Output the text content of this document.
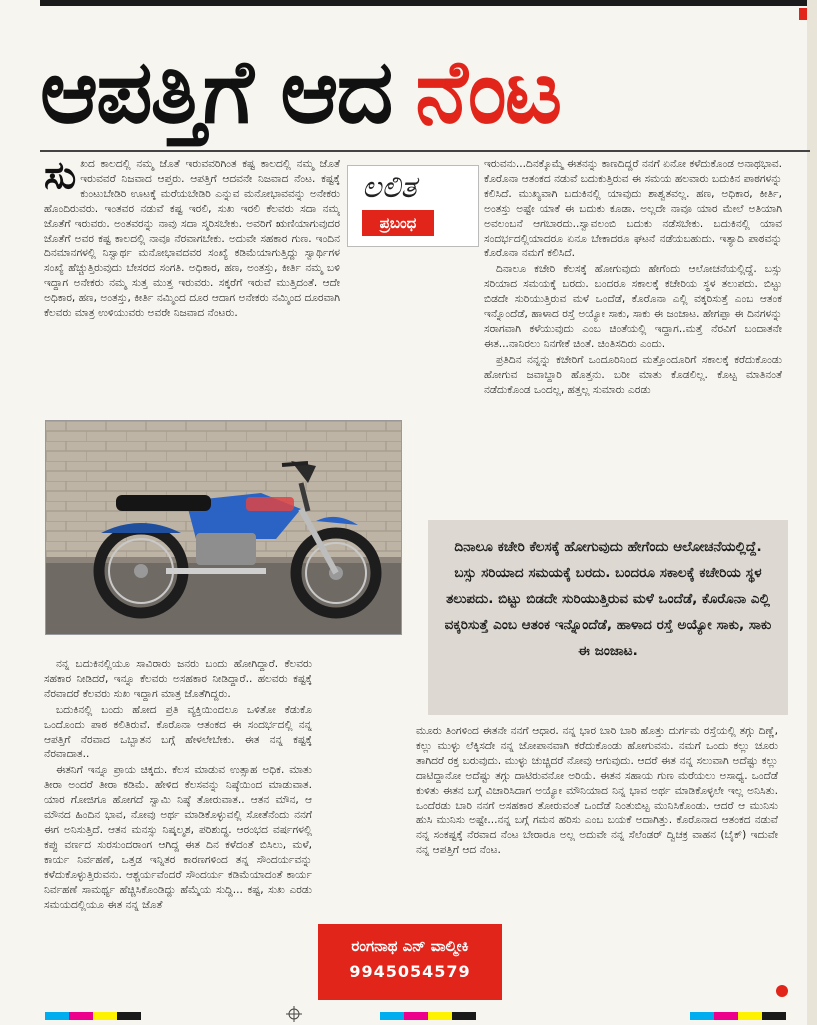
ಆಪತ್ತಿಗೆ ಆದ ನೆಂಟ

ಸುಖದ ಕಾಲದಲ್ಲಿ ನಮ್ಮ ಜೊತೆ ಇರುವವರಿಗಿಂತ ಕಷ್ಟ ಕಾಲದಲ್ಲಿ ನಮ್ಮ ಜೊತೆ ಇರುವವರೆ ನಿಜವಾದ ಆಪ್ತರು. ಆಪತ್ತಿಗೆ ಆದವನೇ ನಿಜವಾದ ನೆಂಟ. ಕಷ್ಟಕ್ಕೆ ಕುಂಟುಬೇಡಿರಿ ಊಟಕ್ಕೆ ಮರೆಯಬೇಡಿರಿ ಎನ್ನುವ ಮನೋಭಾವವನ್ನು ಅನೇಕರು ಹೊಂದಿರುವರು. ಇಂತವರ ನಡುವೆ ಕಷ್ಟ ಇರಲಿ, ಸುಖ ಇರಲಿ ಕೆಲವರು ಸದಾ ನಮ್ಮ ಜೊತೆಗೆ ಇರುವರು. ಅಂತವರನ್ನು ನಾವು ಸದಾ ಸ್ಮರಿಸಬೇಕು. ಅವರಿಗೆ ಋಣಿಯಾಗುವುದರ ಜೊತೆಗೆ ಅವರ ಕಷ್ಟ ಕಾಲದಲ್ಲಿ ನಾವೂ ನೆರವಾಗಬೇಕು. ಅದುವೇ ಸಹಕಾರ ಗುಣ. ಇಂದಿನ ದಿನಮಾನಗಳಲ್ಲಿ ನಿಸ್ವಾರ್ಥ ಮನೋಭಾವದವರ ಸಂಖ್ಯೆ ಕಡಿಮೆಯಾಗುತ್ತಿದ್ದು ಸ್ವಾರ್ಥಿಗಳ ಸಂಖ್ಯೆ ಹೆಚ್ಚುತ್ತಿರುವುದು ಬೇಸರದ ಸಂಗತಿ. ಅಧಿಕಾರ, ಹಣ, ಅಂತಸ್ತು, ಕೀರ್ತಿ ನಮ್ಮ ಬಳಿ ಇದ್ದಾಗ ಅನೇಕರು ನಮ್ಮ ಸುತ್ತ ಮುತ್ತ ಇರುವರು. ಸಕ್ಕರೆಗೆ ಇರುವೆ ಮುತ್ತಿದಂತೆ. ಆದೇ ಅಧಿಕಾರ, ಹಣ, ಅಂತಸ್ತು, ಕೀರ್ತಿ ನಮ್ಮಿಂದ ದೂರ ಆದಾಗ ಅನೇಕರು ನಮ್ಮಿಂದ ದೂರವಾಗಿ ಕೆಲವರು ಮಾತ್ರ ಉಳಿಯುವರು ಅವರೇ ನಿಜವಾದ ನೆಂಟರು.

ಲಲಿತ
ಪ್ರಬಂಧ

ನನ್ನ ಬದುಕಿನಲ್ಲಿಯೂ ಸಾವಿರಾರು ಜನರು ಬಂದು ಹೋಗಿದ್ದಾರೆ. ಕೆಲವರು ಸಹಕಾರ ನೀಡಿದರೆ, ಇನ್ನೂ ಕೆಲವರು ಅಸಹಕಾರ ನೀಡಿದ್ದಾರೆ.. ಹಲವರು ಕಷ್ಟಕ್ಕೆ ನೆರವಾದರೆ ಕೆಲವರು ಸುಖ ಇದ್ದಾಗ ಮಾತ್ರ ಜೊತೆಗಿದ್ದರು.

ಬದುಕಿನಲ್ಲಿ ಬಂದು ಹೋದ ಪ್ರತಿ ವ್ಯಕ್ತಿಯಿಂದಲೂ ಒಳಿತೋ ಕೆಡುಕೊ ಒಂದೊಂದು ಪಾಠ ಕಲಿತಿರುವೆ. ಕೊರೊನಾ ಆತಂಕದ ಈ ಸಂದರ್ಭದಲ್ಲಿ ನನ್ನ ಆಪತ್ತಿಗೆ ನೆರವಾದ ಒಬ್ಬಾತನ ಬಗ್ಗೆ ಹೇಳಲೇಬೇಕು. ಈತ ನನ್ನ ಕಷ್ಟಕ್ಕೆ ನೆರವಾದಾತ..

ಈತನಿಗೆ ಇನ್ನೂ ಪ್ರಾಯ ಚಿಕ್ಕದು. ಕೆಲಸ ಮಾಡುವ ಉತ್ಸಾಹ ಅಧಿಕ. ಮಾತು ತೀರಾ ಅಂದರೆ ತೀರಾ ಕಡಿಮೆ. ಹೇಳಿದ ಕೆಲಸವನ್ನು ನಿಷ್ಠೆಯಿಂದ ಮಾಡುವಾತ. ಯಾರ ಗೋಜಿಗೂ ಹೋಗದೆ ಸ್ವಾಮಿ ನಿಷ್ಠೆ ತೋರುವಾತ.. ಆತನ ಮೌನ, ಆ ಮೌನದ ಹಿಂದಿನ ಭಾವ, ನೋವು ಅರ್ಥ ಮಾಡಿಕೊಳ್ಳುವಲ್ಲಿ ಸೋತೆನೆಂದು ನನಗೆ ಈಗ ಅನಿಸುತ್ತಿದೆ. ಆತನ ಮನಸ್ಸು ನಿಷ್ಕಲ್ಮಶ, ಪರಿಶುದ್ಧ. ಆರಂಭದ ವರ್ಷಗಳಲ್ಲಿ ಕಪ್ಪು ವರ್ಣದ ಸುರಸುಂದರಾಂಗ ಆಗಿದ್ದ ಈತ ದಿನ ಕಳೆದಂತೆ ಬಿಸಿಲು, ಮಳೆ, ಕಾರ್ಯ ನಿರ್ವಹಣೆ, ಒತ್ತಡ ಇನ್ನಿತರ ಕಾರಣಗಳಿಂದ ತನ್ನ ಸೌಂದರ್ಯವನ್ನು ಕಳೆದುಕೊಳ್ಳುತ್ತಿರುವನು. ಆಶ್ಚರ್ಯವೆಂದರೆ ಸೌಂದರ್ಯ ಕಡಿಮೆಯಾದಂತೆ ಕಾರ್ಯ ನಿರ್ವಹಣೆ ಸಾಮರ್ಥ್ಯ ಹೆಚ್ಚಿಸಿಕೊಂಡಿದ್ದು ಹೆಮ್ಮೆಯ ಸುದ್ದಿ... ಕಷ್ಟ, ಸುಖ ಎರಡು ಸಮಯದಲ್ಲಿಯೂ ಈತ ನನ್ನ ಜೊತೆ

ಇರುವನು...ದಿನಕ್ಕೊಮ್ಮೆ ಈತನನ್ನು ಕಾಣದಿದ್ದರೆ ನನಗೆ ಏನೋ ಕಳೆದುಕೊಂಡ ಅನಾಥಭಾವ. ಕೊರೊನಾ ಆತಂಕದ ನಡುವೆ ಬದುಕುತ್ತಿರುವ ಈ ಸಮಯ ಹಲವಾರು ಬದುಕಿನ ಪಾಠಗಳನ್ನು ಕಲಿಸಿದೆ. ಮುಖ್ಯವಾಗಿ ಬದುಕಿನಲ್ಲಿ ಯಾವುದು ಶಾಶ್ವತವಲ್ಲ. ಹಣ, ಅಧಿಕಾರ, ಕೀರ್ತಿ, ಅಂತಸ್ತು ಅಷ್ಟೇ ಯಾಕೆ ಈ ಬದುಕು ಕೂಡಾ. ಅಲ್ಲದೇ ನಾವೂ ಯಾರ ಮೇಲೆ ಅತಿಯಾಗಿ ಅವಲಂಬನೆ ಆಗಬಾರದು..ಸ್ವಾವಲಂಬಿ ಬದುಕು ನಡೆಸಬೇಕು. ಬದುಕಿನಲ್ಲಿ ಯಾವ ಸಂದರ್ಭದಲ್ಲಿಯಾದರೂ ಏನೂ ಬೇಕಾದರೂ ಘಟನೆ ನಡೆಯಬಹುದು. ಇತ್ಯಾದಿ ಪಾಠವನ್ನು ಕೊರೊನಾ ನಮಗೆ ಕಲಿಸಿದೆ.

ದಿನಾಲೂ ಕಚೇರಿ ಕೆಲಸಕ್ಕೆ ಹೋಗುವುದು ಹೇಗೆಂದು ಆಲೋಚನೆಯಲ್ಲಿದ್ದೆ. ಬಸ್ಸು ಸರಿಯಾದ ಸಮಯಕ್ಕೆ ಬರದು. ಬಂದರೂ ಸಕಾಲಕ್ಕೆ ಕಚೇರಿಯ ಸ್ಥಳ ತಲುಪದು. ಬಿಟ್ಟು ಬಿಡದೇ ಸುರಿಯುತ್ತಿರುವ ಮಳೆ ಒಂದೆಡೆ, ಕೊರೊನಾ ಎಲ್ಲಿ ವಕ್ಕರಿಸುತ್ತೆ ಎಂಬ ಆತಂಕ ಇನ್ನೊಂದೆಡೆ, ಹಾಳಾದ ರಸ್ತೆ ಅಯ್ಯೋ ಸಾಕು, ಸಾಕು ಈ ಜಂಜಾಟ. ಹೇಗಪ್ಪಾ ಈ ದಿನಗಳನ್ನು ಸರಾಗವಾಗಿ ಕಳೆಯುವುದು ಎಂಬ ಚಿಂತೆಯಲ್ಲಿ ಇದ್ದಾಗ..ಮತ್ತೆ ನೆರವಿಗೆ ಬಂದಾತನೇ ಈತ...ನಾನಿರಲು ನಿನಗೇಕೆ ಚಿಂತೆ. ಚಿಂತಿಸದಿರು ಎಂದು.

ಪ್ರತಿದಿನ ನನ್ನನ್ನು ಕಚೇರಿಗೆ ಒಂದೂರಿನಿಂದ ಮತ್ತೊಂದೂರಿಗೆ ಸಕಾಲಕ್ಕೆ ಕರೆದುಕೊಂಡು ಹೋಗುವ ಜವಾಬ್ದಾರಿ ಹೊತ್ತನು. ಬರೀ ಮಾತು ಕೊಡಲಿಲ್ಲ. ಕೊಟ್ಟ ಮಾತಿನಂತೆ ನಡೆದುಕೊಂಡ ಒಂದಲ್ಲ, ಹತ್ತಲ್ಲ ಸುಮಾರು ಎರಡು

ದಿನಾಲೂ ಕಚೇರಿ ಕೆಲಸಕ್ಕೆ ಹೋಗುವುದು ಹೇಗೆಂದು ಆಲೋಚನೆಯಲ್ಲಿದ್ದೆ. ಬಸ್ಸು ಸರಿಯಾದ ಸಮಯಕ್ಕೆ ಬರದು. ಬಂದರೂ ಸಕಾಲಕ್ಕೆ ಕಚೇರಿಯ ಸ್ಥಳ ತಲುಪದು. ಬಿಟ್ಟು ಬಿಡದೇ ಸುರಿಯುತ್ತಿರುವ ಮಳೆ ಒಂದೆಡೆ, ಕೊರೊನಾ ಎಲ್ಲಿ ವಕ್ಕರಿಸುತ್ತೆ ಎಂಬ ಆತಂಕ ಇನ್ನೊಂದೆಡೆ, ಹಾಳಾದ ರಸ್ತೆ ಅಯ್ಯೋ ಸಾಕು, ಸಾಕು ಈ ಜಂಜಾಟ.

ಮೂರು ತಿಂಗಳಿಂದ ಈತನೇ ನನಗೆ ಆಧಾರ. ನನ್ನ ಭಾರ ಬಾರಿ ಬಾರಿ ಹೊತ್ತು ದುರ್ಗಮ ರಸ್ತೆಯಲ್ಲಿ ತಗ್ಗು ದಿಣ್ಣೆ, ಕಲ್ಲು ಮುಳ್ಳು ಲೆಕ್ಕಿಸದೇ ನನ್ನ ಜೋಪಾನವಾಗಿ ಕರೆದುಕೊಂಡು ಹೋಗುವನು. ನಮಗೆ ಒಂದು ಕಲ್ಲು ಚೂರು ತಾಗಿದರೆ ರಕ್ತ ಬರುವುದು. ಮುಳ್ಳು ಚುಚ್ಚಿದರೆ ನೋವು ಆಗುವುದು. ಆದರೆ ಈತ ನನ್ನ ಸಲುವಾಗಿ ಅದೆಷ್ಟು ಕಲ್ಲು ದಾಟಿದ್ದಾನೋ ಅದೆಷ್ಟು ತಗ್ಗು ದಾಟಿರುವನೋ ಅರಿಯೆ. ಈತನ ಸಹಾಯ ಗುಣ ಮರೆಯಲು ಅಸಾಧ್ಯ. ಒಂದೆಡೆ ಕುಳಿತು ಈತನ ಬಗ್ಗೆ ವಿಚಾರಿಸಿದಾಗ ಅಯ್ಯೋ ಮೌನಿಯಾದ ನಿನ್ನ ಭಾವ ಅರ್ಥ ಮಾಡಿಕೊಳ್ಳಲೇ ಇಲ್ಲ ಅನಿಸಿತು. ಒಂದೆರಡು ಬಾರಿ ನನಗೆ ಅಸಹಕಾರ ತೋರುವಂತೆ ಒಂದೆಡೆ ನಿಂತುಬಿಟ್ಟ ಮುನಿಸಿಕೊಂಡು. ಆದರೆ ಆ ಮುನಿಸು ಹುಸಿ ಮುನಿಸು ಅಷ್ಟೇ...ನನ್ನ ಬಗ್ಗೆ ಗಮನ ಹರಿಸು ಎಂಬ ಬಯಕೆ ಅದಾಗಿತ್ತು. ಕೊರೊನಾದ ಆತಂಕದ ನಡುವೆ ನನ್ನ ಸಂಕಷ್ಟಕ್ಕೆ ನೆರವಾದ ನೆಂಟ ಬೇರಾರೂ ಅಲ್ಲ ಅದುವೇ ನನ್ನ ಸೆಲೆಂಡರ್ ದ್ವಿಚಕ್ರ ವಾಹನ (ಬೈಕ್) ಇದುವೇ ನನ್ನ ಆಪತ್ತಿಗೆ ಆದ ನೆಂಟ.

ರಂಗನಾಥ ಎನ್ ವಾಲ್ಮೀಕಿ
9945054579
